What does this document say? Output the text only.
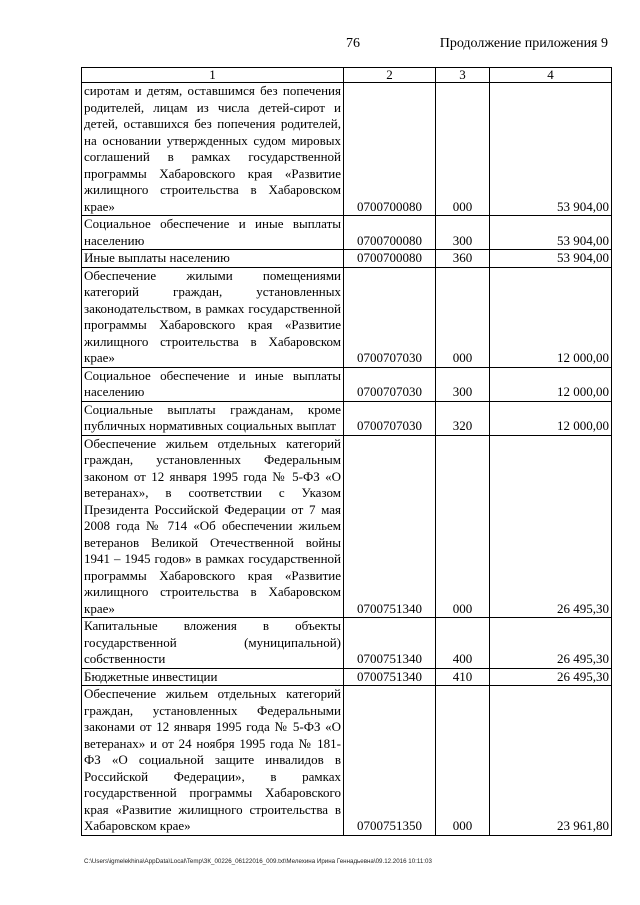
76	Продолжение приложения 9
1	2	3	4
сиротам и детям, оставшимся без попечения родителей, лицам из числа детей-сирот и детей, оставшихся без попечения родителей, на основании утвержденных судом мировых соглашений в рамках государственной программы Хабаровского края «Развитие жилищного строительства в Хабаровском крае»	0700700080	000	53 904,00
Социальное обеспечение и иные выплаты населению	0700700080	300	53 904,00
Иные выплаты населению	0700700080	360	53 904,00
Обеспечение жилыми помещениями категорий граждан, установленных законодательством, в рамках государственной программы Хабаровского края «Развитие жилищного строительства в Хабаровском крае»	0700707030	000	12 000,00
Социальное обеспечение и иные выплаты населению	0700707030	300	12 000,00
Социальные выплаты гражданам, кроме публичных нормативных социальных выплат	0700707030	320	12 000,00
Обеспечение жильем отдельных категорий граждан, установленных Федеральным законом от 12 января 1995 года № 5-ФЗ «О ветеранах», в соответствии с Указом Президента Российской Федерации от 7 мая 2008 года № 714 «Об обеспечении жильем ветеранов Великой Отечественной войны 1941 – 1945 годов» в рамках государственной программы Хабаровского края «Развитие жилищного строительства в Хабаровском крае»	0700751340	000	26 495,30
Капитальные вложения в объекты государственной (муниципальной) собственности	0700751340	400	26 495,30
Бюджетные инвестиции	0700751340	410	26 495,30
Обеспечение жильем отдельных категорий граждан, установленных Федеральными законами от 12 января 1995 года № 5-ФЗ «О ветеранах» и от 24 ноября 1995 года № 181-ФЗ «О социальной защите инвалидов в Российской Федерации», в рамках государственной программы Хабаровского края «Развитие жилищного строительства в Хабаровском крае»	0700751350	000	23 961,80
C:\Users\igmelekhina\AppData\Local\Temp\ЗК_00226_06122016_009.txt\Мелехина Ирина Геннадьевна\09.12.2016 10:11:03
